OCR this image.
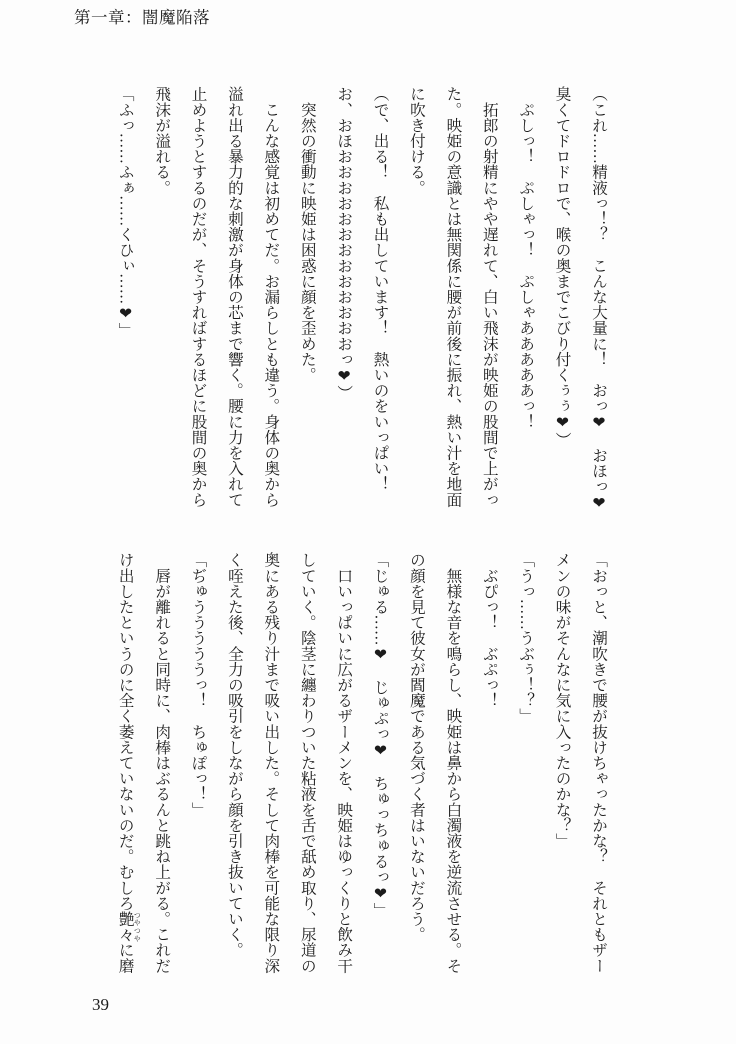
第一章：闇魔陥落
（これ……精液っ！？　こんな大量に！　おっ❤　おほっ❤
臭くてドロドロで、喉の奥までこびり付くぅぅ❤）
　ぷしっ！　ぷしゃっ！　ぷしゃあああああっ！
　拓郎の射精にやや遅れて、白い飛沫が映姫の股間で上がっ
た。映姫の意識とは無関係に腰が前後に振れ、熱い汁を地面
に吹き付ける。
（で、出る！　私も出しています！　熱いのをいっぱい！
お、おほおおおおおおおおおおおおおっ❤）
　突然の衝動に映姫は困惑に顔を歪めた。
　こんな感覚は初めてだ。お漏らしとも違う。身体の奥から
溢れ出る暴力的な刺激が身体の芯まで響く。腰に力を入れて
止めようとするのだが、そうすればするほどに股間の奥から
飛沫が溢れる。
「ふっ……ふぁ……くひぃ……❤」
「おっと、潮吹きで腰が抜けちゃったかな？　それともザー
メンの味がそんなに気に入ったのかな？」
「うっ……うぶぅ！？」
　ぶぴっ！　ぶぷっ！
　無様な音を鳴らし、映姫は鼻から白濁液を逆流させる。そ
の顔を見て彼女が閻魔である気づく者はいないだろう。
「じゅる……❤　じゅぷっ❤　ちゅっちゅるっ❤」
　口いっぱいに広がるザーメンを、映姫はゆっくりと飲み干
していく。陰茎に纏わりついた粘液を舌で舐め取り、尿道の
奥にある残り汁まで吸い出した。そして肉棒を可能な限り深
く咥えた後、全力の吸引をしながら顔を引き抜いていく。
「ぢゅうううううっ！　ちゅぽっ！」
　唇が離れると同時に、肉棒はぶるんと跳ね上がる。これだ
け出したというのに全く萎えていないのだ。むしろ艶々 つやつやに磨
39
